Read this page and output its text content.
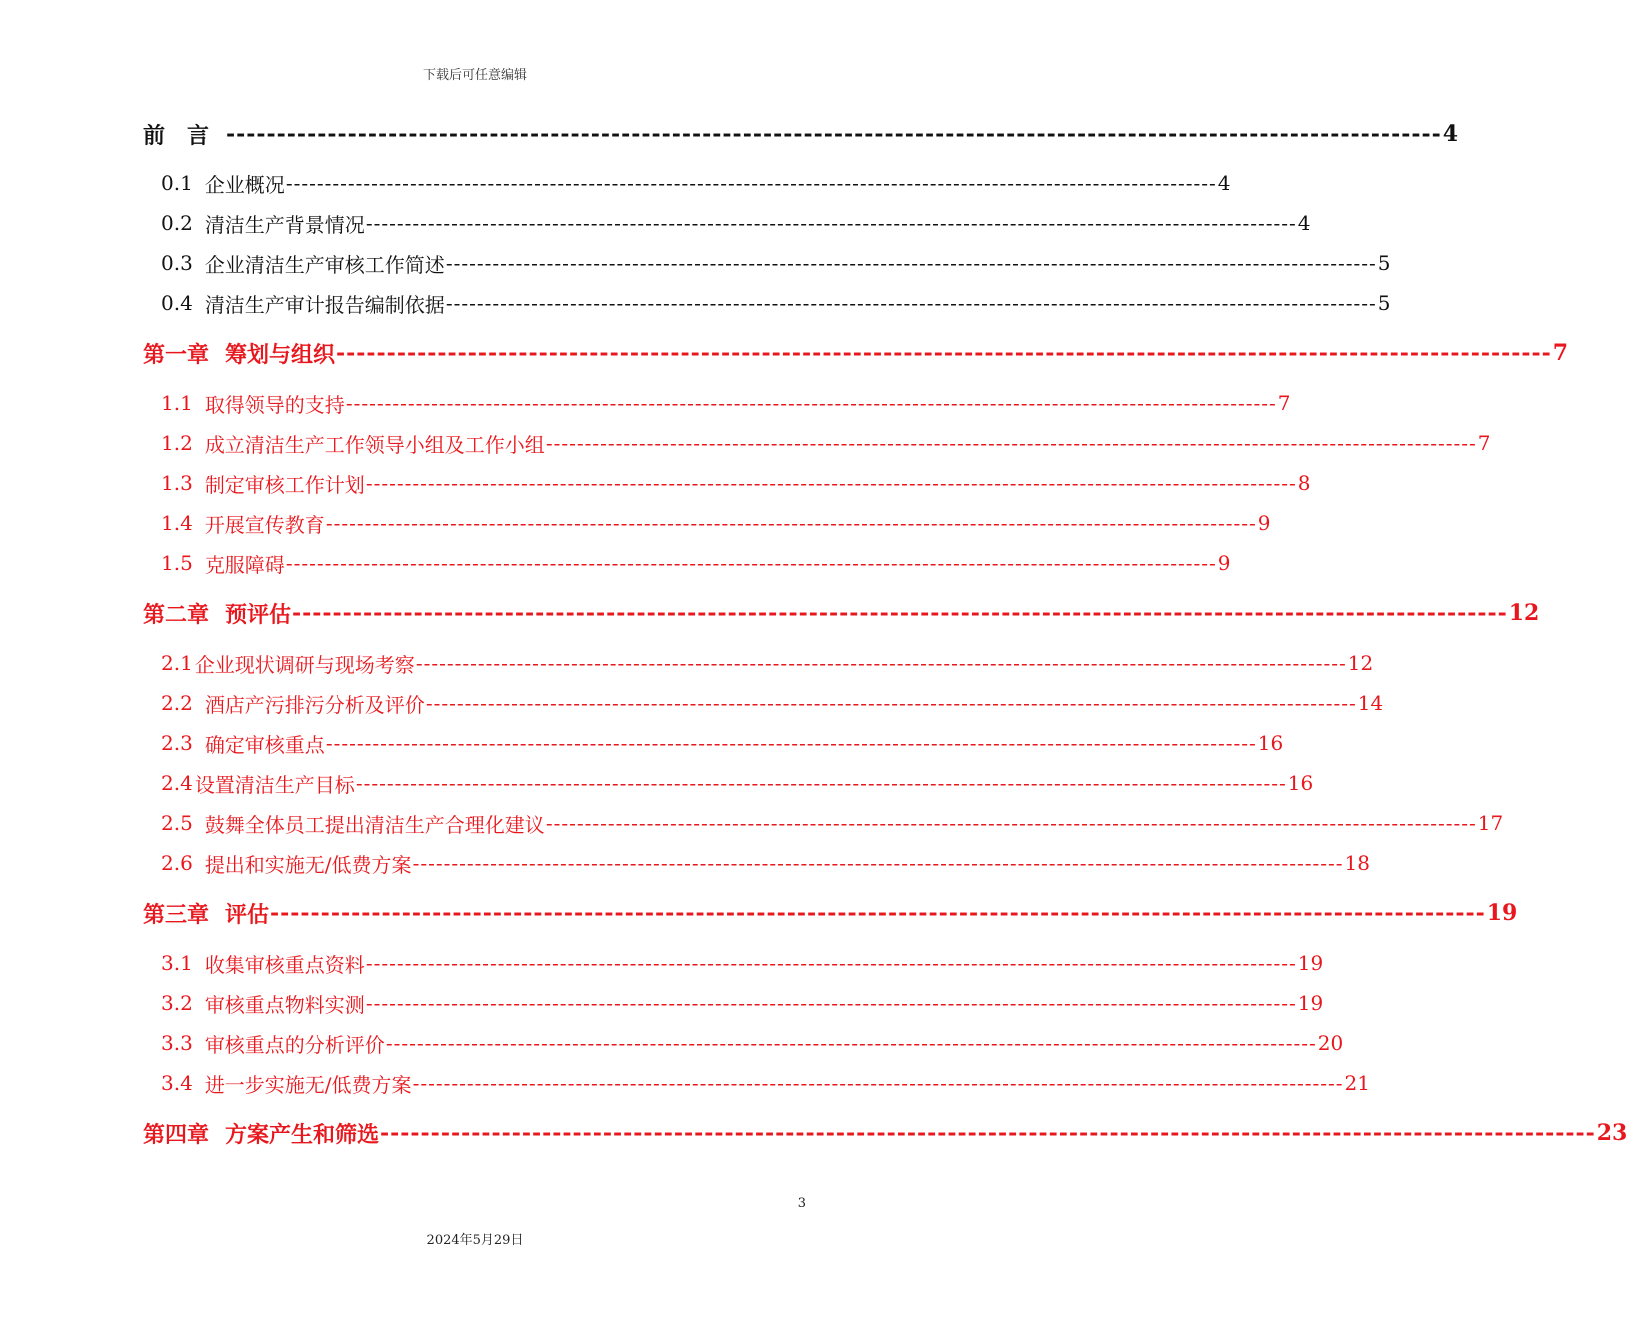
下载后可任意编辑
前　言 ------------------------------------------------------------------------------------------------------------------------ 4
0.1 企业概况 ------------------------------------------------------------------------------------------------------------------------ 4
0.2 清洁生产背景情况 ------------------------------------------------------------------------------------------------------------------------ 4
0.3 企业清洁生产审核工作简述 ------------------------------------------------------------------------------------------------------------------------ 5
0.4 清洁生产审计报告编制依据 ------------------------------------------------------------------------------------------------------------------------ 5
第一章 筹划与组织 ------------------------------------------------------------------------------------------------------------------------ 7
1.1 取得领导的支持 ------------------------------------------------------------------------------------------------------------------------ 7
1.2 成立清洁生产工作领导小组及工作小组 ------------------------------------------------------------------------------------------------------------------------ 7
1.3 制定审核工作计划 ------------------------------------------------------------------------------------------------------------------------ 8
1.4 开展宣传教育 ------------------------------------------------------------------------------------------------------------------------ 9
1.5 克服障碍 ------------------------------------------------------------------------------------------------------------------------ 9
第二章 预评估 ------------------------------------------------------------------------------------------------------------------------ 12
2.1 企业现状调研与现场考察 ------------------------------------------------------------------------------------------------------------------------ 12
2.2 酒店产污排污分析及评价 ------------------------------------------------------------------------------------------------------------------------ 14
2.3 确定审核重点 ------------------------------------------------------------------------------------------------------------------------ 16
2.4 设置清洁生产目标 ------------------------------------------------------------------------------------------------------------------------ 16
2.5 鼓舞全体员工提出清洁生产合理化建议 ------------------------------------------------------------------------------------------------------------------------ 17
2.6 提出和实施无/低费方案 ------------------------------------------------------------------------------------------------------------------------ 18
第三章 评估 ------------------------------------------------------------------------------------------------------------------------ 19
3.1 收集审核重点资料 ------------------------------------------------------------------------------------------------------------------------ 19
3.2 审核重点物料实测 ------------------------------------------------------------------------------------------------------------------------ 19
3.3 审核重点的分析评价 ------------------------------------------------------------------------------------------------------------------------ 20
3.4 进一步实施无/低费方案 ------------------------------------------------------------------------------------------------------------------------ 21
第四章 方案产生和筛选 ------------------------------------------------------------------------------------------------------------------------ 23
3
2024年5月29日
